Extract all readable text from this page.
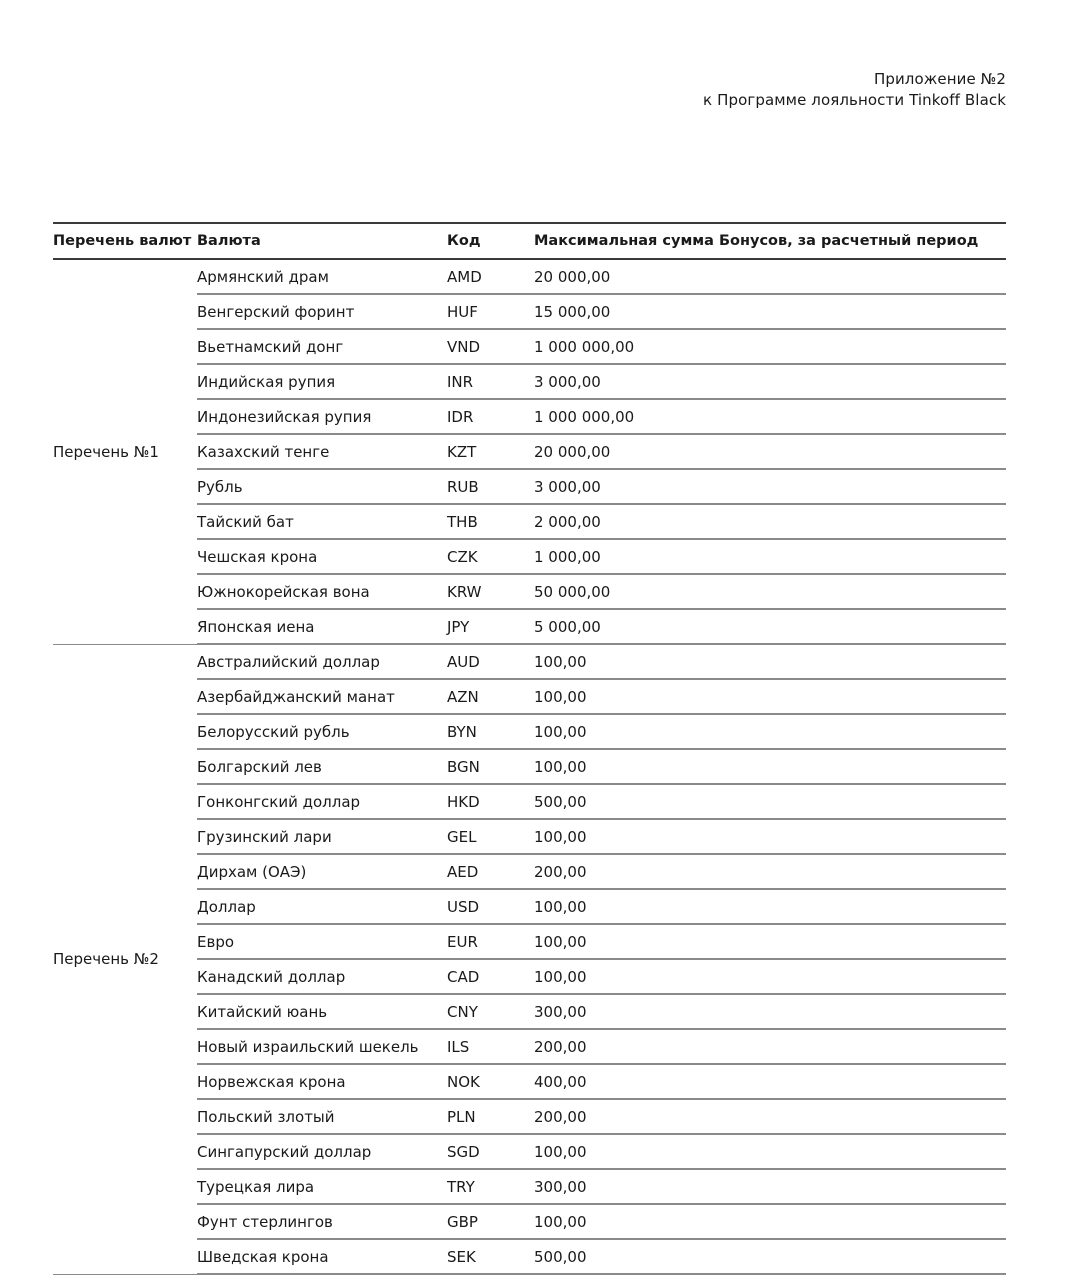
Приложение №2
к Программе лояльности Tinkoff Black
Перечень валют	Валюта	Код	Максимальная сумма Бонусов, за расчетный период
Перечень №1	Армянский драм	AMD	20 000,00
	Венгерский форинт	HUF	15 000,00
	Вьетнамский донг	VND	1 000 000,00
	Индийская рупия	INR	3 000,00
	Индонезийская рупия	IDR	1 000 000,00
	Казахский тенге	KZT	20 000,00
	Рубль	RUB	3 000,00
	Тайский бат	THB	2 000,00
	Чешская крона	CZK	1 000,00
	Южнокорейская вона	KRW	50 000,00
	Японская иена	JPY	5 000,00
Перечень №2	Австралийский доллар	AUD	100,00
	Азербайджанский манат	AZN	100,00
	Белорусский рубль	BYN	100,00
	Болгарский лев	BGN	100,00
	Гонконгский доллар	HKD	500,00
	Грузинский лари	GEL	100,00
	Дирхам (ОАЭ)	AED	200,00
	Доллар	USD	100,00
	Евро	EUR	100,00
	Канадский доллар	CAD	100,00
	Китайский юань	CNY	300,00
	Новый израильский шекель	ILS	200,00
	Норвежская крона	NOK	400,00
	Польский злотый	PLN	200,00
	Сингапурский доллар	SGD	100,00
	Турецкая лира	TRY	300,00
	Фунт стерлингов	GBP	100,00
	Шведская крона	SEK	500,00
